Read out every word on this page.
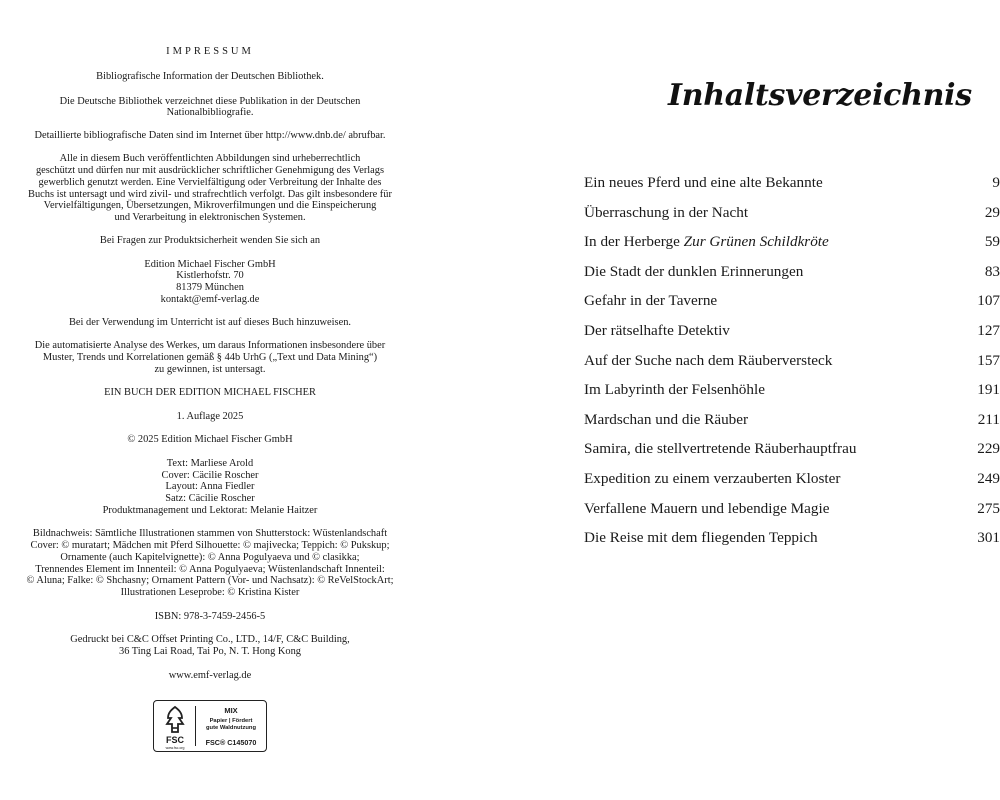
IMPRESSUM
Bibliografische Information der Deutschen Bibliothek.
Die Deutsche Bibliothek verzeichnet diese Publikation in der Deutschen
Nationalbibliografie.
Detaillierte bibliografische Daten sind im Internet über http://www.dnb.de/ abrufbar.
Alle in diesem Buch veröffentlichten Abbildungen sind urheberrechtlich
geschützt und dürfen nur mit ausdrücklicher schriftlicher Genehmigung des Verlags
gewerblich genutzt werden. Eine Vervielfältigung oder Verbreitung der Inhalte des
Buchs ist untersagt und wird zivil- und strafrechtlich verfolgt. Das gilt insbesondere für
Vervielfältigungen, Übersetzungen, Mikroverfilmungen und die Einspeicherung
und Verarbeitung in elektronischen Systemen.
Bei Fragen zur Produktsicherheit wenden Sie sich an
Edition Michael Fischer GmbH
Kistlerhofstr. 70
81379 München
kontakt@emf-verlag.de
Bei der Verwendung im Unterricht ist auf dieses Buch hinzuweisen.
Die automatisierte Analyse des Werkes, um daraus Informationen insbesondere über
Muster, Trends und Korrelationen gemäß § 44b UrhG („Text und Data Mining“)
zu gewinnen, ist untersagt.
EIN BUCH DER EDITION MICHAEL FISCHER
1. Auflage 2025
© 2025 Edition Michael Fischer GmbH
Text: Marliese Arold
Cover: Cäcilie Roscher
Layout: Anna Fiedler
Satz: Cäcilie Roscher
Produktmanagement und Lektorat: Melanie Haitzer
Bildnachweis: Sämtliche Illustrationen stammen von Shutterstock: Wüstenlandschaft
Cover: © muratart; Mädchen mit Pferd Silhouette: © majivecka; Teppich: © Pukskup;
Ornamente (auch Kapitelvignette): © Anna Pogulyaeva und © clasikka;
Trennendes Element im Innenteil: © Anna Pogulyaeva; Wüstenlandschaft Innenteil:
© Aluna; Falke: © Shchasny; Ornament Pattern (Vor- und Nachsatz): © ReVelStockArt;
Illustrationen Leseprobe: © Kristina Kister
ISBN: 978-3-7459-2456-5
Gedruckt bei C&C Offset Printing Co., LTD., 14/F, C&C Building,
36 Ting Lai Road, Tai Po, N. T. Hong Kong
www.emf-verlag.de
FSC
www.fsc.org
MIX
Papier | Fördert
gute Waldnutzung
FSC® C145070
Inhaltsverzeichnis
Ein neues Pferd und eine alte Bekannte	9
Überraschung in der Nacht	29
In der Herberge Zur Grünen Schildkröte	59
Die Stadt der dunklen Erinnerungen	83
Gefahr in der Taverne	107
Der rätselhafte Detektiv	127
Auf der Suche nach dem Räuberversteck	157
Im Labyrinth der Felsenhöhle	191
Mardschan und die Räuber	211
Samira, die stellvertretende Räuberhauptfrau	229
Expedition zu einem verzauberten Kloster	249
Verfallene Mauern und lebendige Magie	275
Die Reise mit dem fliegenden Teppich	301
